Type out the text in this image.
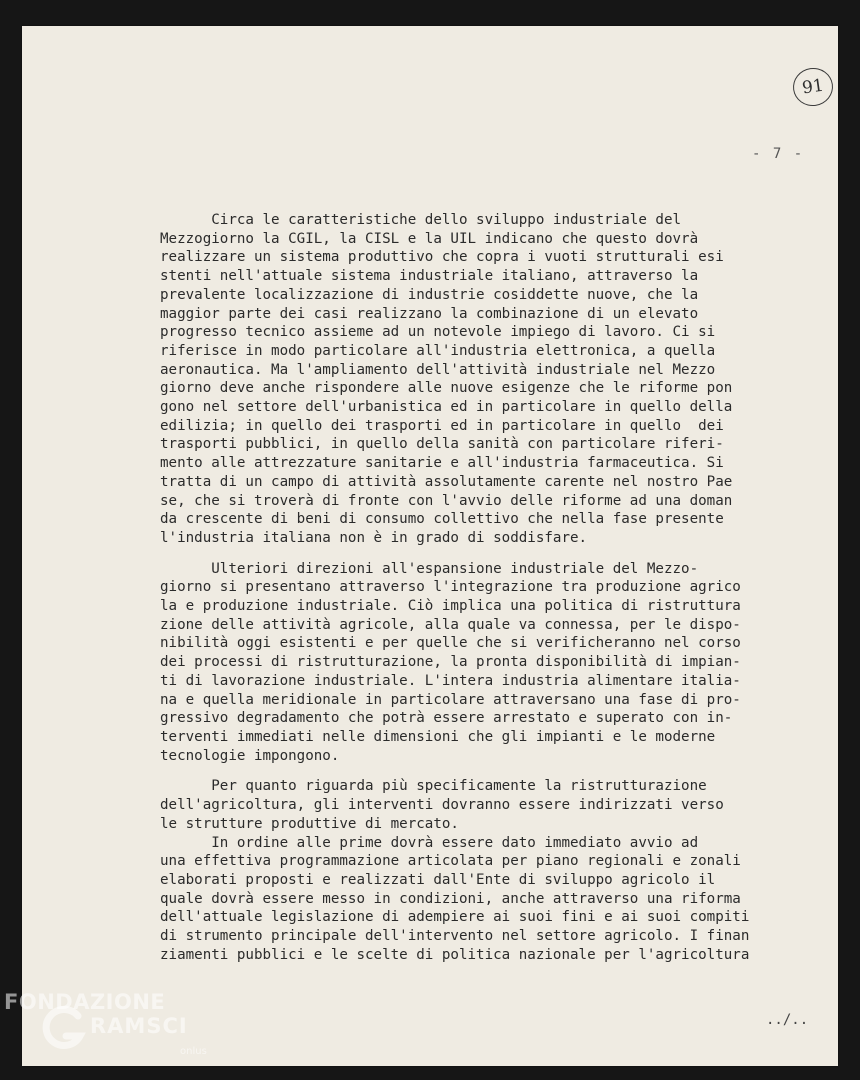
91
- 7 -
Circa le caratteristiche dello sviluppo industriale del
Mezzogiorno la CGIL, la CISL e la UIL indicano che questo dovrà
realizzare un sistema produttivo che copra i vuoti strutturali esi
stenti nell'attuale sistema industriale italiano, attraverso la
prevalente localizzazione di industrie cosiddette nuove, che la
maggior parte dei casi realizzano la combinazione di un elevato
progresso tecnico assieme ad un notevole impiego di lavoro. Ci si
riferisce in modo particolare all'industria elettronica, a quella
aeronautica. Ma l'ampliamento dell'attività industriale nel Mezzo
giorno deve anche rispondere alle nuove esigenze che le riforme pon
gono nel settore dell'urbanistica ed in particolare in quello della
edilizia; in quello dei trasporti ed in particolare in quello  dei
trasporti pubblici, in quello della sanità con particolare riferi-
mento alle attrezzature sanitarie e all'industria farmaceutica. Si
tratta di un campo di attività assolutamente carente nel nostro Pae
se, che si troverà di fronte con l'avvio delle riforme ad una doman
da crescente di beni di consumo collettivo che nella fase presente
l'industria italiana non è in grado di soddisfare.
Ulteriori direzioni all'espansione industriale del Mezzo-
giorno si presentano attraverso l'integrazione tra produzione agrico
la e produzione industriale. Ciò implica una politica di ristruttura
zione delle attività agricole, alla quale va connessa, per le dispo-
nibilità oggi esistenti e per quelle che si verificheranno nel corso
dei processi di ristrutturazione, la pronta disponibilità di impian-
ti di lavorazione industriale. L'intera industria alimentare italia-
na e quella meridionale in particolare attraversano una fase di pro-
gressivo degradamento che potrà essere arrestato e superato con in-
terventi immediati nelle dimensioni che gli impianti e le moderne
tecnologie impongono.
Per quanto riguarda più specificamente la ristrutturazione
dell'agricoltura, gli interventi dovranno essere indirizzati verso
le strutture produttive di mercato.
In ordine alle prime dovrà essere dato immediato avvio ad
una effettiva programmazione articolata per piano regionali e zonali
elaborati proposti e realizzati dall'Ente di sviluppo agricolo il
quale dovrà essere messo in condizioni, anche attraverso una riforma
dell'attuale legislazione di adempiere ai suoi fini e ai suoi compiti
di strumento principale dell'intervento nel settore agricolo. I finan
ziamenti pubblici e le scelte di politica nazionale per l'agricoltura
../..
FONDAZIONE
RAMSCI
onlus
